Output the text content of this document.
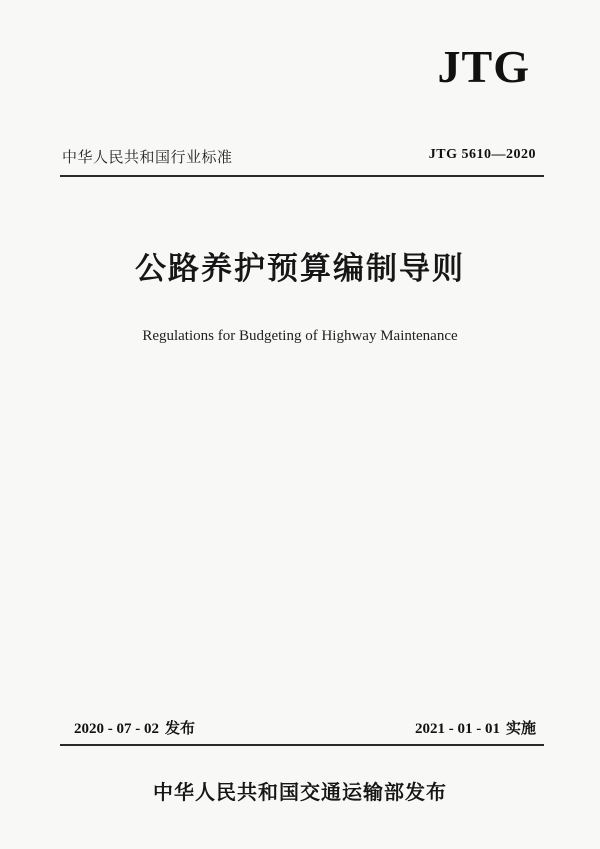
JTG
中华人民共和国行业标准	JTG 5610—2020
公路养护预算编制导则
Regulations for Budgeting of Highway Maintenance
2020 - 07 - 02 发布	2021 - 01 - 01 实施
中华人民共和国交通运输部发布
